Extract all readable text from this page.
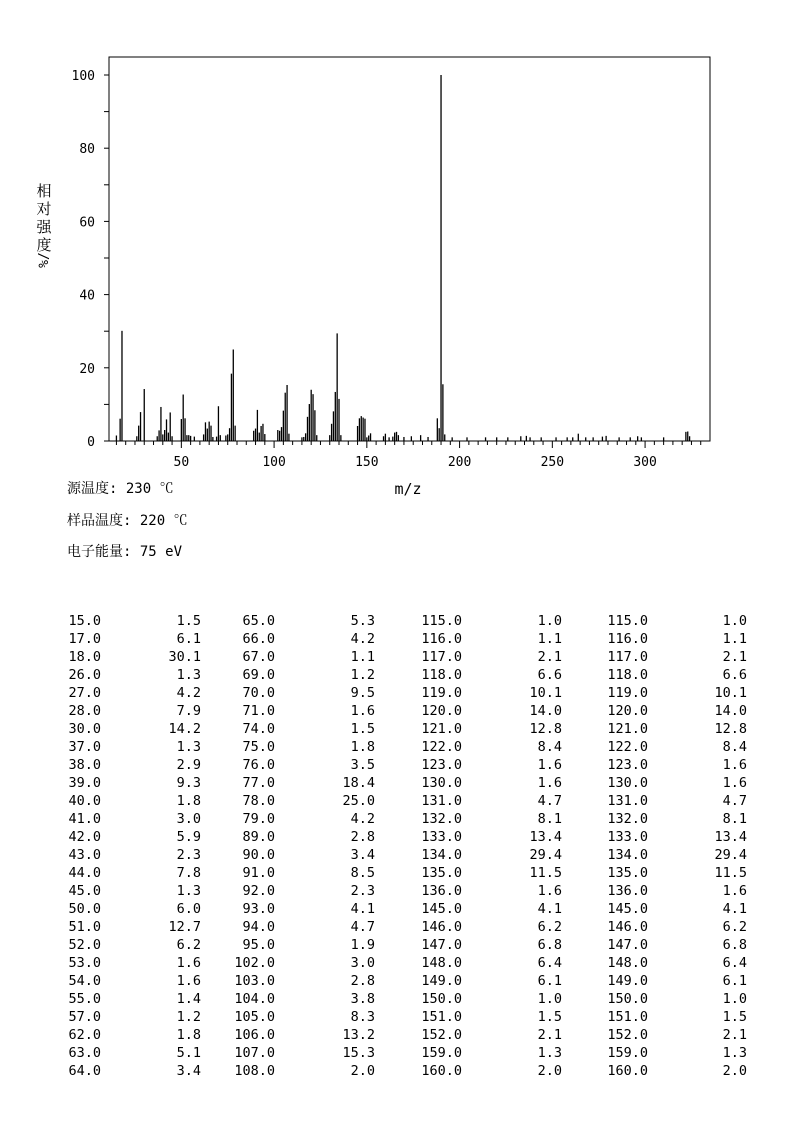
0
20
40
60
80
100
50	100	150	200	250	300
相
对
强
度
%/
m/z
源温度: 230 ℃
样品温度: 220 ℃
电子能量: 75 eV
15.0	1.5	65.0	5.3	115.0	1.0	115.0	1.0
17.0	6.1	66.0	4.2	116.0	1.1	116.0	1.1
18.0	30.1	67.0	1.1	117.0	2.1	117.0	2.1
26.0	1.3	69.0	1.2	118.0	6.6	118.0	6.6
27.0	4.2	70.0	9.5	119.0	10.1	119.0	10.1
28.0	7.9	71.0	1.6	120.0	14.0	120.0	14.0
30.0	14.2	74.0	1.5	121.0	12.8	121.0	12.8
37.0	1.3	75.0	1.8	122.0	8.4	122.0	8.4
38.0	2.9	76.0	3.5	123.0	1.6	123.0	1.6
39.0	9.3	77.0	18.4	130.0	1.6	130.0	1.6
40.0	1.8	78.0	25.0	131.0	4.7	131.0	4.7
41.0	3.0	79.0	4.2	132.0	8.1	132.0	8.1
42.0	5.9	89.0	2.8	133.0	13.4	133.0	13.4
43.0	2.3	90.0	3.4	134.0	29.4	134.0	29.4
44.0	7.8	91.0	8.5	135.0	11.5	135.0	11.5
45.0	1.3	92.0	2.3	136.0	1.6	136.0	1.6
50.0	6.0	93.0	4.1	145.0	4.1	145.0	4.1
51.0	12.7	94.0	4.7	146.0	6.2	146.0	6.2
52.0	6.2	95.0	1.9	147.0	6.8	147.0	6.8
53.0	1.6 102.0	3.0	148.0	6.4	148.0	6.4
54.0	1.6 103.0	2.8	149.0	6.1	149.0	6.1
55.0	1.4 104.0	3.8	150.0	1.0	150.0	1.0
57.0	1.2 105.0	8.3	151.0	1.5	151.0	1.5
62.0	1.8 106.0	13.2	152.0	2.1	152.0	2.1
63.0	5.1 107.0	15.3	159.0	1.3	159.0	1.3
64.0	3.4 108.0	2.0	160.0	2.0	160.0	2.0
